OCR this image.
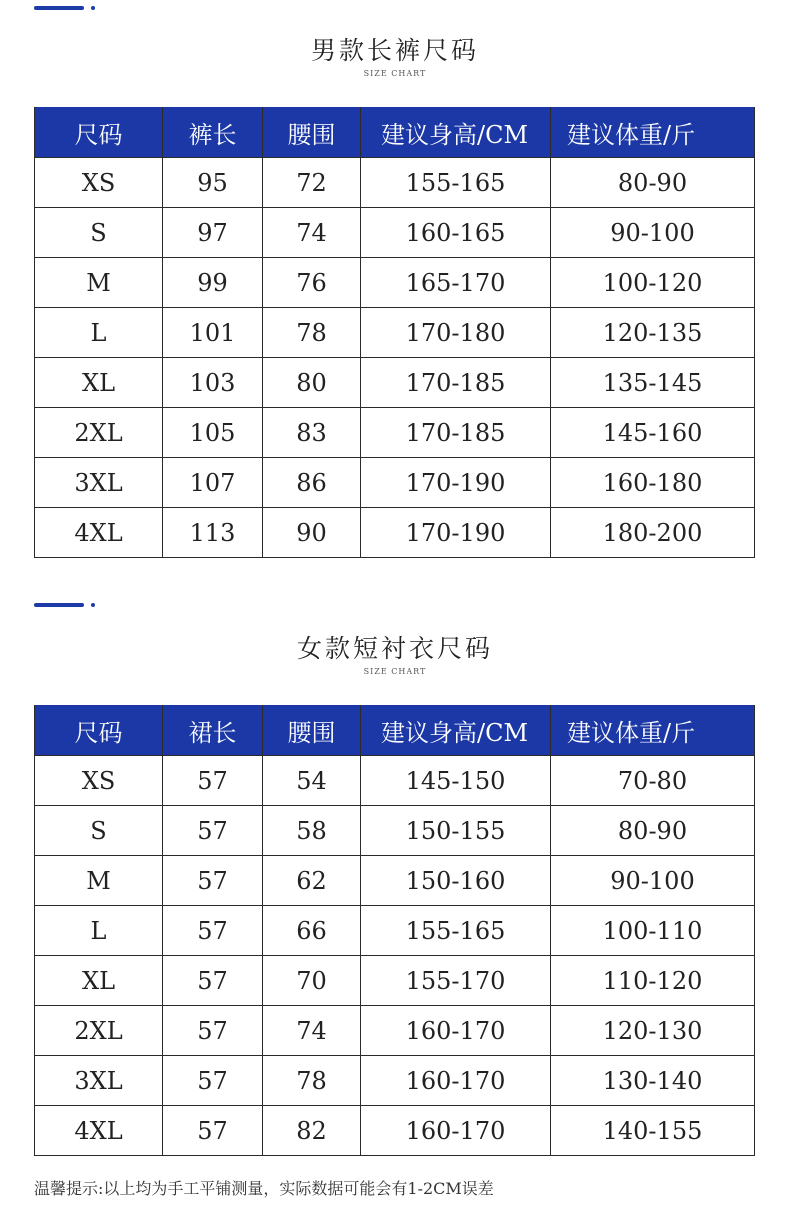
男款长裤尺码
SIZE CHART
尺码	裤长	腰围	建议身高/CM	建议体重/斤
XS	95	72	155-165	80-90
S	97	74	160-165	90-100
M	99	76	165-170	100-120
L	101	78	170-180	120-135
XL	103	80	170-185	135-145
2XL	105	83	170-185	145-160
3XL	107	86	170-190	160-180
4XL	113	90	170-190	180-200
女款短衬衣尺码
SIZE CHART
尺码	裙长	腰围	建议身高/CM	建议体重/斤
XS	57	54	145-150	70-80
S	57	58	150-155	80-90
M	57	62	150-160	90-100
L	57	66	155-165	100-110
XL	57	70	155-170	110-120
2XL	57	74	160-170	120-130
3XL	57	78	160-170	130-140
4XL	57	82	160-170	140-155
温馨提示:以上均为手工平铺测量，实际数据可能会有1-2CM误差
